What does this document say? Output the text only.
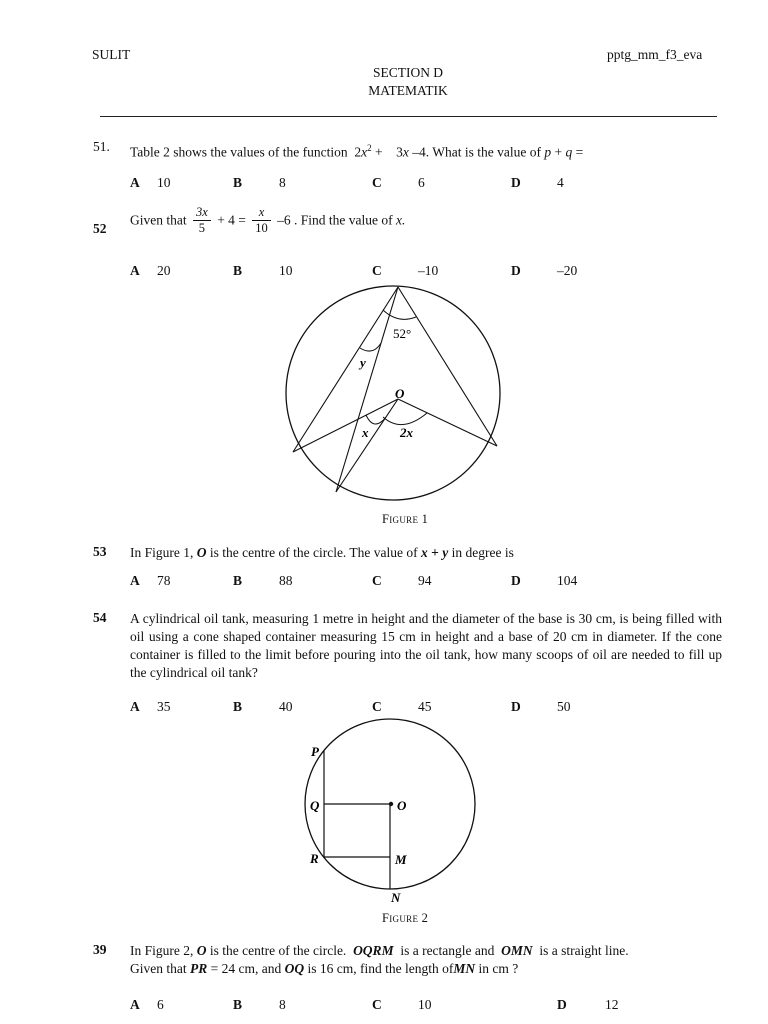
SULIT	pptg_mm_f3_eva
SECTION D
MATEMATIK
51. Table 2 shows the values of the function $2x^2 + 3x$ –4. What is the value of p + q =
A 10	B	8	C	6	D	4
52
Given that $\frac{3x}{5} + 4 = \frac{x}{10} -6$ . Find the value of x.
A 20	B	10	C	–10	D	–20
52°
y
O
x 2x
Figure 1
53 In Figure 1, O is the centre of the circle. The value of x + y in degree is
A 78	B	88	C	94	D	104
54 A cylindrical oil tank, measuring 1 metre in height and the diameter of the base is 30 cm, is being filled with oil using a cone shaped container measuring 15 cm in height and a base of 20 cm in diameter. If the cone container is filled to the limit before pouring into the oil tank, how many scoops of oil are needed to fill up the cylindrical oil tank?
A 35	B	40	C	45	D	50
P
Q	O
R	M
N
Figure 2
39 In Figure 2, O is the centre of the circle. OQRM is a rectangle and OMN is a straight line.
Given that PR = 24 cm, and OQ is 16 cm, find the length ofMN in cm ?
A 6	B	8	C	10	D	12
